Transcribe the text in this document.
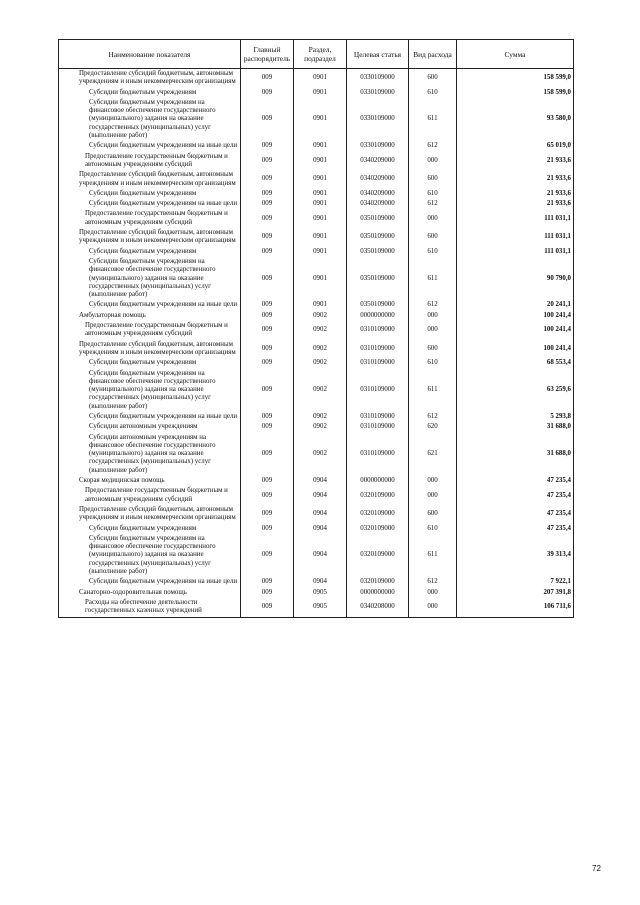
Наименование показателя	Главный распорядитель	Раздел, подраздел	Целевая статья	Вид расхода	Сумма
Предоставление субсидий бюджетным, автономным учреждениям и иным некоммерческим организациям	009	0901	0330109000	600	158 599,0
Субсидии бюджетным учреждениям	009	0901	0330109000	610	158 599,0
Субсидии бюджетным учреждениям на финансовое обеспечение государственного (муниципального) задания на оказание государственных (муниципальных) услуг (выполнение работ)	009	0901	0330109000	611	93 580,0
Субсидии бюджетным учреждениям на иные цели	009	0901	0330109000	612	65 019,0
Предоставление государственным бюджетным и автономным учреждениям субсидий	009	0901	0340209000	000	21 933,6
Предоставление субсидий бюджетным, автономным учреждениям и иным некоммерческим организациям	009	0901	0340209000	600	21 933,6
Субсидии бюджетным учреждениям	009	0901	0340209000	610	21 933,6
Субсидии бюджетным учреждениям на иные цели	009	0901	0340209000	612	21 933,6
Предоставление государственным бюджетным и автономным учреждениям субсидий	009	0901	0350109000	000	111 031,1
Предоставление субсидий бюджетным, автономным учреждениям и иным некоммерческим организациям	009	0901	0350109000	600	111 031,1
Субсидии бюджетным учреждениям	009	0901	0350109000	610	111 031,1
Субсидии бюджетным учреждениям на финансовое обеспечение государственного (муниципального) задания на оказание государственных (муниципальных) услуг (выполнение работ)	009	0901	0350109000	611	90 790,0
Субсидии бюджетным учреждениям на иные цели	009	0901	0350109000	612	20 241,1
Амбулаторная помощь	009	0902	0000000000	000	100 241,4
Предоставление государственным бюджетным и автономным учреждениям субсидий	009	0902	0310109000	000	100 241,4
Предоставление субсидий бюджетным, автономным учреждениям и иным некоммерческим организациям	009	0902	0310109000	600	100 241,4
Субсидии бюджетным учреждениям	009	0902	0310109000	610	68 553,4
Субсидии бюджетным учреждениям на финансовое обеспечение государственного (муниципального) задания на оказание государственных (муниципальных) услуг (выполнение работ)	009	0902	0310109000	611	63 259,6
Субсидии бюджетным учреждениям на иные цели	009	0902	0310109000	612	5 293,8
Субсидии автономным учреждениям	009	0902	0310109000	620	31 688,0
Субсидии автономным учреждениям на финансовое обеспечение государственного (муниципального) задания на оказание государственных (муниципальных) услуг (выполнение работ)	009	0902	0310109000	621	31 688,0
Скорая медицинская помощь	009	0904	0000000000	000	47 235,4
Предоставление государственным бюджетным и автономным учреждениям субсидий	009	0904	0320109000	000	47 235,4
Предоставление субсидий бюджетным, автономным учреждениям и иным некоммерческим организациям	009	0904	0320109000	600	47 235,4
Субсидии бюджетным учреждениям	009	0904	0320109000	610	47 235,4
Субсидии бюджетным учреждениям на финансовое обеспечение государственного (муниципального) задания на оказание государственных (муниципальных) услуг (выполнение работ)	009	0904	0320109000	611	39 313,4
Субсидии бюджетным учреждениям на иные цели	009	0904	0320109000	612	7 922,1
Санаторно-оздоровительная помощь	009	0905	0000000000	000	207 391,8
Расходы на обеспечение деятельности государственных казенных учреждений	009	0905	0340208000	000	106 711,6
72
